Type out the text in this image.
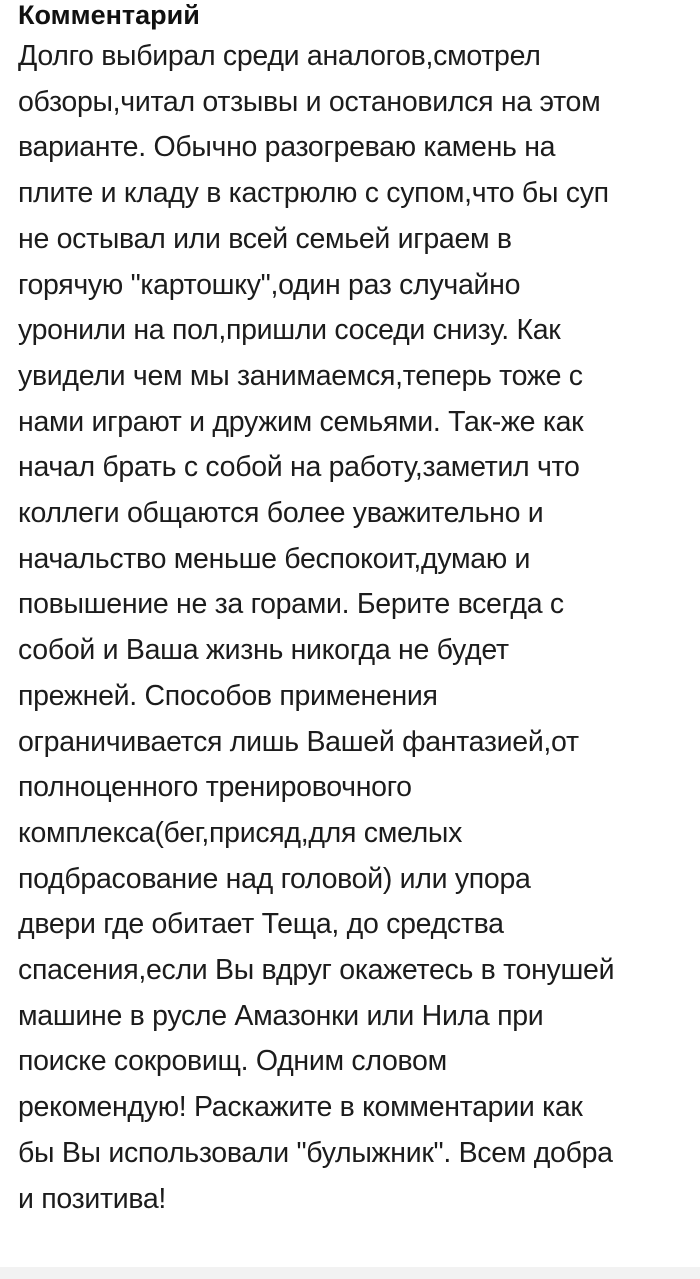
Комментарий
Долго выбирал среди аналогов,смотрел
обзоры,читал отзывы и остановился на этом
варианте. Обычно разогреваю камень на
плите и кладу в кастрюлю с супом,что бы суп
не остывал или всей семьей играем в
горячую "картошку",один раз случайно
уронили на пол,пришли соседи снизу. Как
увидели чем мы занимаемся,теперь тоже с
нами играют и дружим семьями. Так-же как
начал брать с собой на работу,заметил что
коллеги общаются более уважительно и
начальство меньше беспокоит,думаю и
повышение не за горами. Берите всегда с
собой и Ваша жизнь никогда не будет
прежней. Способов применения
ограничивается лишь Вашей фантазией,от
полноценного тренировочного
комплекса(бег,присяд,для смелых
подбрасование над головой) или упора
двери где обитает Теща, до средства
спасения,если Вы вдруг окажетесь в тонушей
машине в русле Амазонки или Нила при
поиске сокровищ. Одним словом
рекомендую! Раскажите в комментарии как
бы Вы использовали "булыжник". Всем добра
и позитива!
